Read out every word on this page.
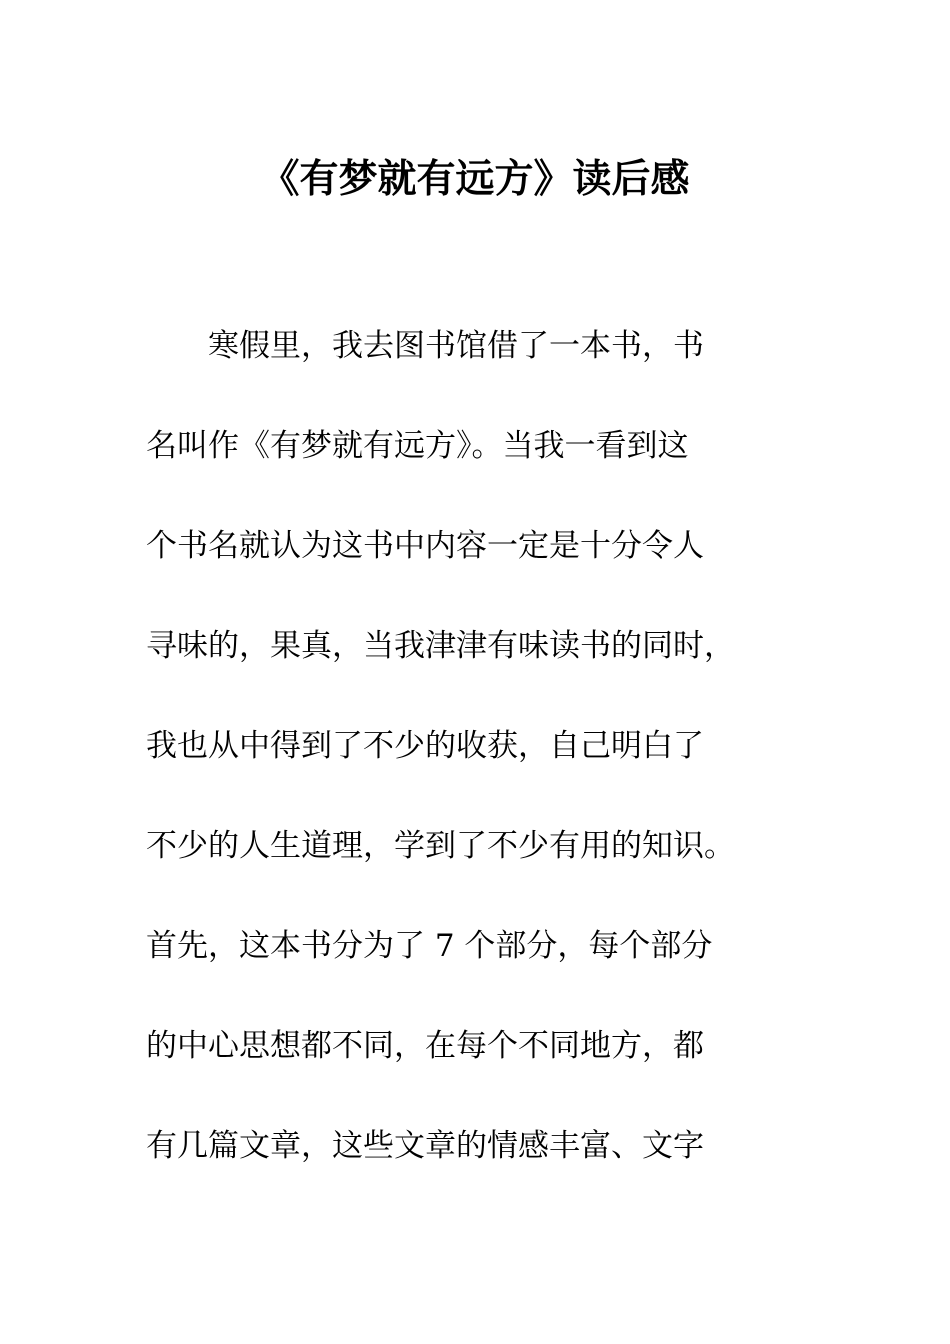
《有梦就有远方》读后感
　　寒假里，我去图书馆借了一本书，书
名叫作《有梦就有远方》。当我一看到这
个书名就认为这书中内容一定是十分令人
寻味的，果真，当我津津有味读书的同时，
我也从中得到了不少的收获，自己明白了
不少的人生道理，学到了不少有用的知识。
首先，这本书分为了 7 个部分，每个部分
的中心思想都不同，在每个不同地方，都
有几篇文章，这些文章的情感丰富、文字
